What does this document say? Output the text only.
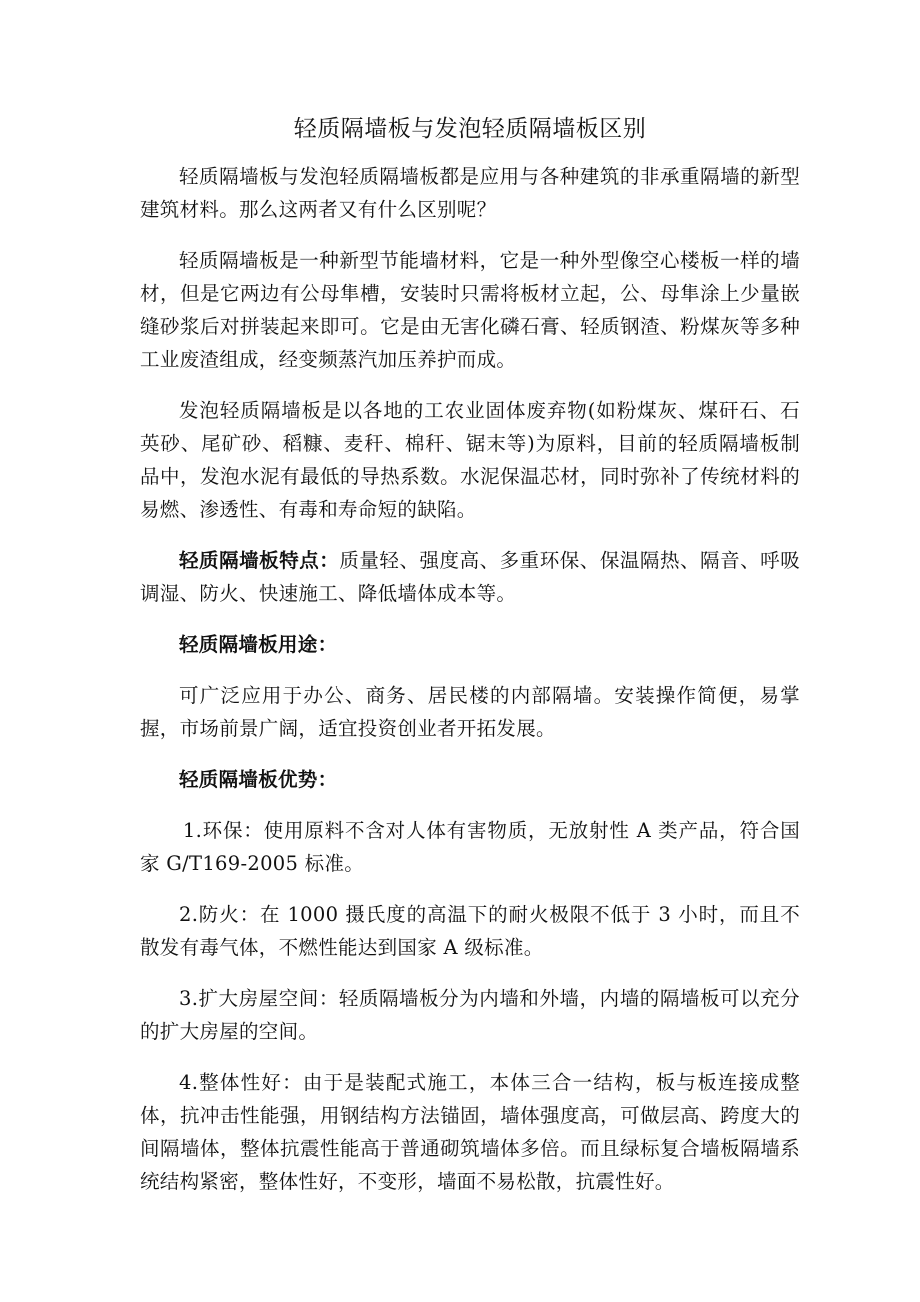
轻质隔墙板与发泡轻质隔墙板区别

轻质隔墙板与发泡轻质隔墙板都是应用与各种建筑的非承重隔墙的新型建筑材料。那么这两者又有什么区别呢？

轻质隔墙板是一种新型节能墙材料，它是一种外型像空心楼板一样的墙材，但是它两边有公母隼槽，安装时只需将板材立起，公、母隼涂上少量嵌缝砂浆后对拼装起来即可。它是由无害化磷石膏、轻质钢渣、粉煤灰等多种工业废渣组成，经变频蒸汽加压养护而成。

发泡轻质隔墙板是以各地的工农业固体废弃物(如粉煤灰、煤矸石、石英砂、尾矿砂、稻糠、麦秆、棉秆、锯末等)为原料，目前的轻质隔墙板制品中，发泡水泥有最低的导热系数。水泥保温芯材，同时弥补了传统材料的易燃、渗透性、有毒和寿命短的缺陷。

轻质隔墙板特点：质量轻、强度高、多重环保、保温隔热、隔音、呼吸调湿、防火、快速施工、降低墙体成本等。

轻质隔墙板用途：

可广泛应用于办公、商务、居民楼的内部隔墙。安装操作简便，易掌握，市场前景广阔，适宜投资创业者开拓发展。

轻质隔墙板优势：

1.环保：使用原料不含对人体有害物质，无放射性 A 类产品，符合国家 G/T169-2005 标准。

2.防火：在 1000 摄氏度的高温下的耐火极限不低于 3 小时，而且不散发有毒气体，不燃性能达到国家 A 级标准。

3.扩大房屋空间：轻质隔墙板分为内墙和外墙，内墙的隔墙板可以充分的扩大房屋的空间。

4.整体性好：由于是装配式施工，本体三合一结构，板与板连接成整体，抗冲击性能强，用钢结构方法锚固，墙体强度高，可做层高、跨度大的间隔墙体，整体抗震性能高于普通砌筑墙体多倍。而且绿标复合墙板隔墙系统结构紧密，整体性好，不变形，墙面不易松散，抗震性好。
